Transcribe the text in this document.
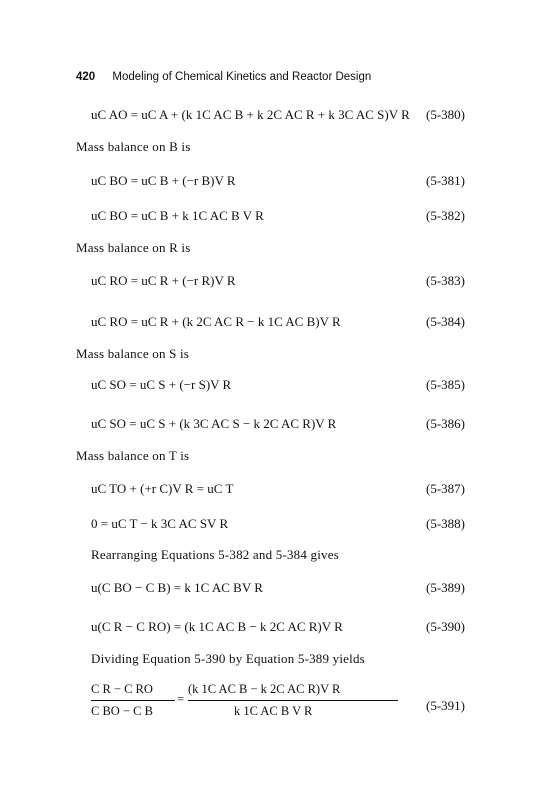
420 Modeling of Chemical Kinetics and Reactor Design
uC AO = uC A + (k 1C AC B + k 2C AC R + k 3C AC S)V R (5-380)
Mass balance on B is
uC BO = uC B + (−r B)V R	(5-381)
uC BO = uC B + k 1C AC B V R	(5-382)
Mass balance on R is
uC RO = uC R + (−r R)V R	(5-383)
uC RO = uC R + (k 2C AC R − k 1C AC B)V R	(5-384)
Mass balance on S is
uC SO = uC S + (−r S)V R	(5-385)
uC SO = uC S + (k 3C AC S − k 2C AC R)V R	(5-386)
Mass balance on T is
uC TO + (+r C)V R = uC T	(5-387)
0 = uC T − k 3C AC SV R	(5-388)
Rearranging Equations 5-382 and 5-384 gives
u(C BO − C B) = k 1C AC BV R	(5-389)
u(C R − C RO) = (k 1C AC B − k 2C AC R)V R	(5-390)
Dividing Equation 5-390 by Equation 5-389 yields
C R − C RO
C BO − C B
=
(k 1C AC B − k 2C AC R)V R
k 1C AC B V R	(5-391)
